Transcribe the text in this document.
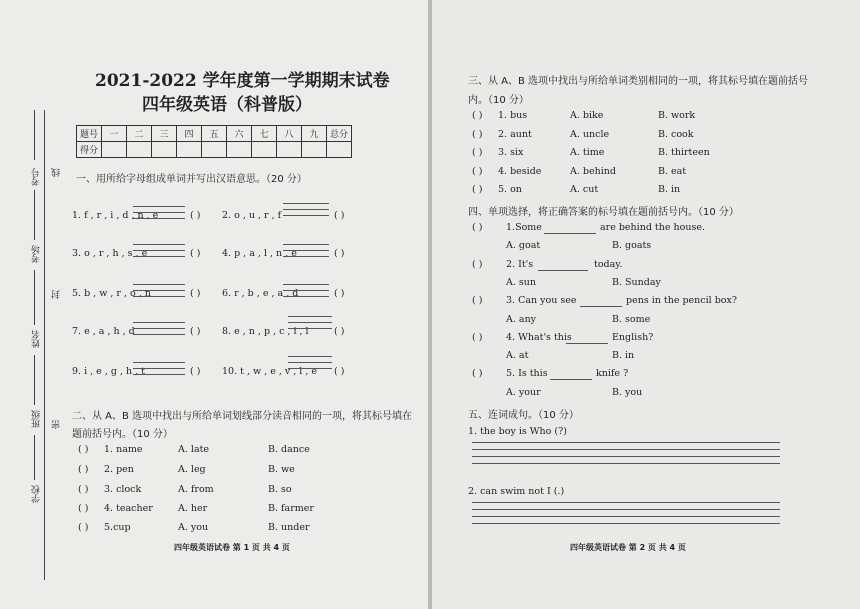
考号 线
考场
封
姓名
班级 密
学校
2021-2022 学年度第一学期期末试卷
四年级英语（科普版）
题号	一	二	三	四	五	六	七	八	九	总分
得分										
一、用所给字母组成单词并写出汉语意思。（20 分）
1. f , r , i , d , n , e	( ) 2. o , u , r , f	( )
3. o , r , h , s , e	( ) 4. p , a , l , n , e	( )
5. b , w , r , o , n	( ) 6. r , b , e , a , d	( )
7. e , a , h , d	( ) 8. e , n , p , c , i , l	( )
9. i , e , g , h , t	( ) 10. t , w , e , v , l , e ( )
二、从 A、B 选项中找出与所给单词划线部分读音相同的一项，将其标号填在
题前括号内。（10 分）
( ) 1. name	A. late	B. dance
( ) 2. pen	A. leg	B. we
( ) 3. clock	A. from	B. so
( ) 4. teacher	A. her	B. farmer
( ) 5.cup	A. you	B. under
四年级英语试卷 第 1 页 共 4 页
三、从 A、B 选项中找出与所给单词类别相同的一项，将其标号填在题前括号
内。（10 分）
( ) 1. bus	A. bike	B. work
( ) 2. aunt	A. uncle	B. cook
( ) 3. six	A. time	B. thirteen
( ) 4. beside	A. behind	B. eat
( ) 5. on	A. cut	B. in
四、单项选择，将正确答案的标号填在题前括号内。（10 分）
( ) 1.Some	are behind the house.
A. goat	B. goats
( ) 2. It's	today.
A. sun	B. Sunday
( ) 3. Can you see	pens in the pencil box?
A. any	B. some
( ) 4. What's this	English?
A. at	B. in
( ) 5. Is this	knife ?
A. your	B. you
五、连词成句。（10 分）
1. the boy is Who (?)
2. can swim not I (.)
四年级英语试卷 第 2 页 共 4 页
